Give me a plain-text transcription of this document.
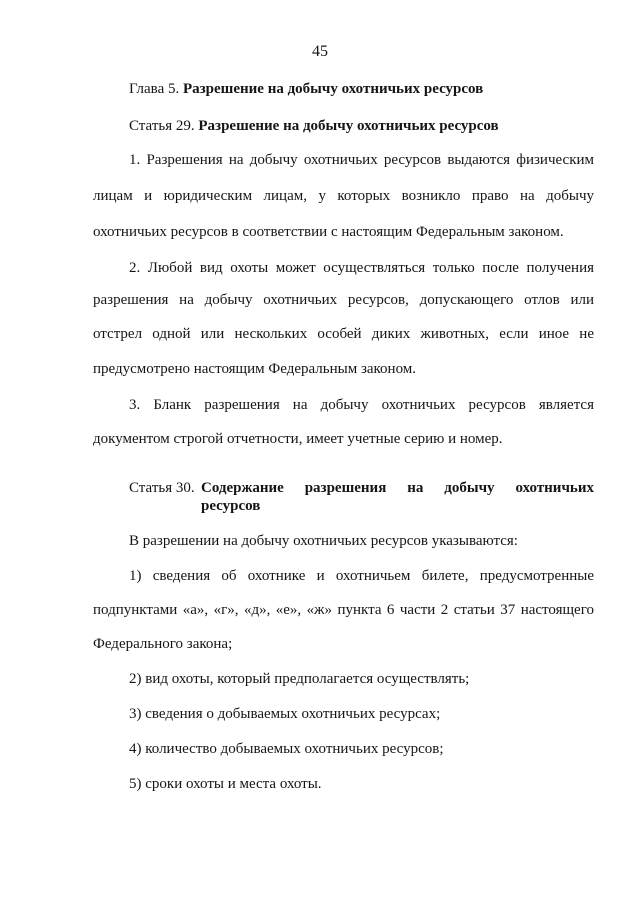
45
Глава 5. Разрешение на добычу охотничьих ресурсов
Статья 29. Разрешение на добычу охотничьих ресурсов
1. Разрешения на добычу охотничьих ресурсов выдаются физическим
лицам и юридическим лицам, у которых возникло право на добычу
охотничьих ресурсов в соответствии с настоящим Федеральным законом.
2. Любой вид охоты может осуществляться только после получения
разрешения на добычу охотничьих ресурсов, допускающего отлов или
отстрел одной или нескольких особей диких животных, если иное не
предусмотрено настоящим Федеральным законом.
3. Бланк разрешения на добычу охотничьих ресурсов является
документом строгой отчетности, имеет учетные серию и номер.
Статья 30. Содержание разрешения на добычу охотничьих
ресурсов
В разрешении на добычу охотничьих ресурсов указываются:
1) сведения об охотнике и охотничьем билете, предусмотренные
подпунктами «а», «г», «д», «е», «ж» пункта 6 части 2 статьи 37 настоящего
Федерального закона;
2) вид охоты, который предполагается осуществлять;
3) сведения о добываемых охотничьих ресурсах;
4) количество добываемых охотничьих ресурсов;
5) сроки охоты и места охоты.
